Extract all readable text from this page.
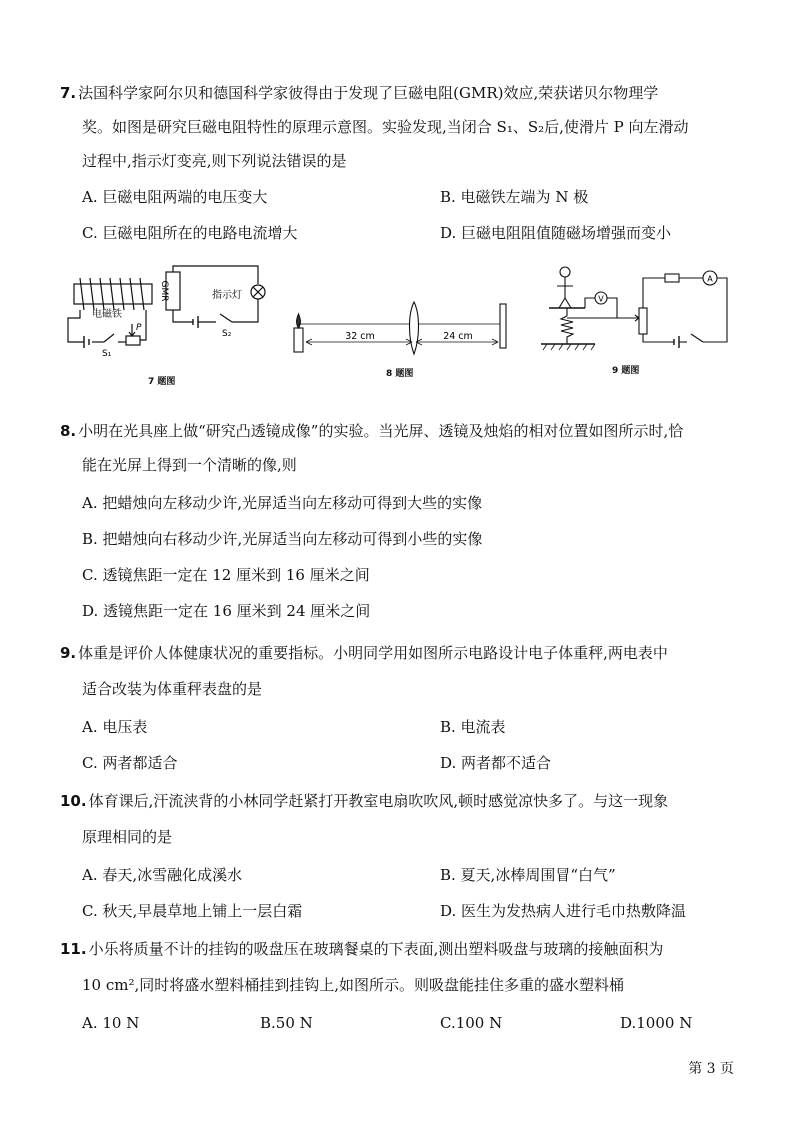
7. 法国科学家阿尔贝和德国科学家彼得由于发现了巨磁电阻(GMR)效应,荣获诺贝尔物理学
奖。如图是研究巨磁电阻特性的原理示意图。实验发现,当闭合 S₁、S₂后,使滑片 P 向左滑动
过程中,指示灯变亮,则下列说法错误的是
A. 巨磁电阻两端的电压变大	B. 电磁铁左端为 N 极
C. 巨磁电阻所在的电路电流增大	D. 巨磁电阻阻值随磁场增强而变小
GMR	指示灯
电磁铁
P
S₁
S₂
7 题图
32 cm	24 cm
8 题图
V
A
9 题图
8. 小明在光具座上做“研究凸透镜成像”的实验。当光屏、透镜及烛焰的相对位置如图所示时,恰
能在光屏上得到一个清晰的像,则
A. 把蜡烛向左移动少许,光屏适当向左移动可得到大些的实像
B. 把蜡烛向右移动少许,光屏适当向左移动可得到小些的实像
C. 透镜焦距一定在 12 厘米到 16 厘米之间
D. 透镜焦距一定在 16 厘米到 24 厘米之间
9. 体重是评价人体健康状况的重要指标。小明同学用如图所示电路设计电子体重秤,两电表中
适合改装为体重秤表盘的是
A. 电压表	B. 电流表
C. 两者都适合	D. 两者都不适合
10. 体育课后,汗流浃背的小林同学赶紧打开教室电扇吹吹风,顿时感觉凉快多了。与这一现象
原理相同的是
A. 春天,冰雪融化成溪水	B. 夏天,冰棒周围冒“白气”
C. 秋天,早晨草地上铺上一层白霜	D. 医生为发热病人进行毛巾热敷降温
11. 小乐将质量不计的挂钩的吸盘压在玻璃餐桌的下表面,测出塑料吸盘与玻璃的接触面积为
10 cm²,同时将盛水塑料桶挂到挂钩上,如图所示。则吸盘能挂住多重的盛水塑料桶
A. 10 N	B.50 N	C.100 N	D.1000 N
第 3 页
